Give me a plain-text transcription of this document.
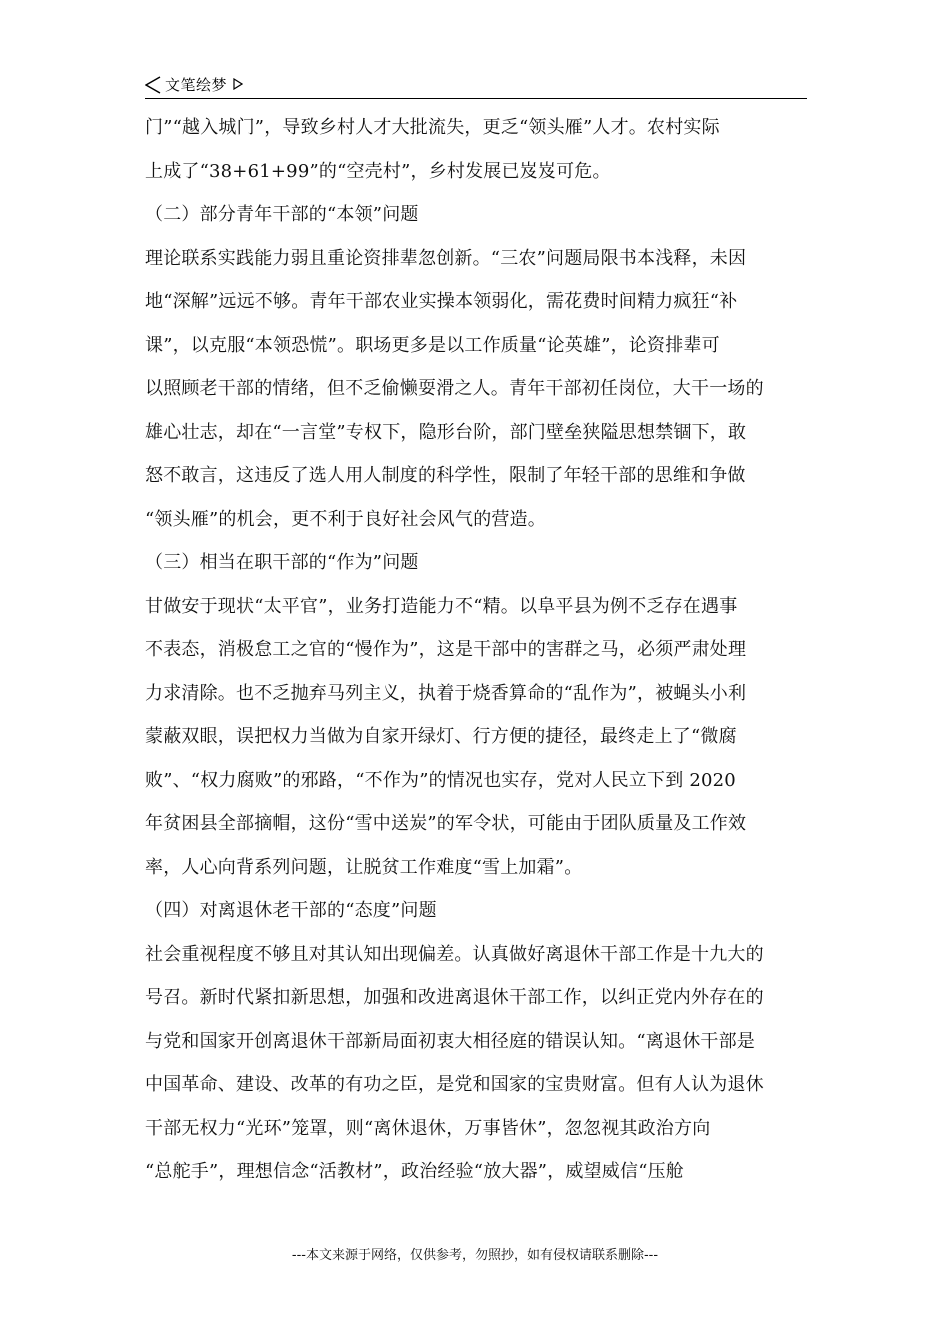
文笔绘梦
门”“越入城门”，导致乡村人才大批流失，更乏“领头雁”人才。农村实际
上成了“38+61+99”的“空壳村”，乡村发展已岌岌可危。
（二）部分青年干部的“本领”问题
理论联系实践能力弱且重论资排辈忽创新。“三农”问题局限书本浅释，未因
地“深解”远远不够。青年干部农业实操本领弱化，需花费时间精力疯狂“补
课”，以克服“本领恐慌”。职场更多是以工作质量“论英雄”，论资排辈可
以照顾老干部的情绪，但不乏偷懒耍滑之人。青年干部初任岗位，大干一场的
雄心壮志，却在“一言堂”专权下，隐形台阶，部门壁垒狭隘思想禁锢下，敢
怒不敢言，这违反了选人用人制度的科学性，限制了年轻干部的思维和争做
“领头雁”的机会，更不利于良好社会风气的营造。
（三）相当在职干部的“作为”问题
甘做安于现状“太平官”，业务打造能力不“精。以阜平县为例不乏存在遇事
不表态，消极怠工之官的“慢作为”，这是干部中的害群之马，必须严肃处理
力求清除。也不乏抛弃马列主义，执着于烧香算命的“乱作为”，被蝇头小利
蒙蔽双眼，误把权力当做为自家开绿灯、行方便的捷径，最终走上了“微腐
败”、“权力腐败”的邪路，“不作为”的情况也实存，党对人民立下到 2020
年贫困县全部摘帽，这份“雪中送炭”的军令状，可能由于团队质量及工作效
率，人心向背系列问题，让脱贫工作难度“雪上加霜”。
（四）对离退休老干部的“态度”问题
社会重视程度不够且对其认知出现偏差。认真做好离退休干部工作是十九大的
号召。新时代紧扣新思想，加强和改进离退休干部工作，以纠正党内外存在的
与党和国家开创离退休干部新局面初衷大相径庭的错误认知。“离退休干部是
中国革命、建设、改革的有功之臣，是党和国家的宝贵财富。但有人认为退休
干部无权力“光环”笼罩，则“离休退休，万事皆休”，忽忽视其政治方向
“总舵手”，理想信念“活教材”，政治经验“放大器”，威望威信“压舱
---本文来源于网络，仅供参考，勿照抄，如有侵权请联系删除---
